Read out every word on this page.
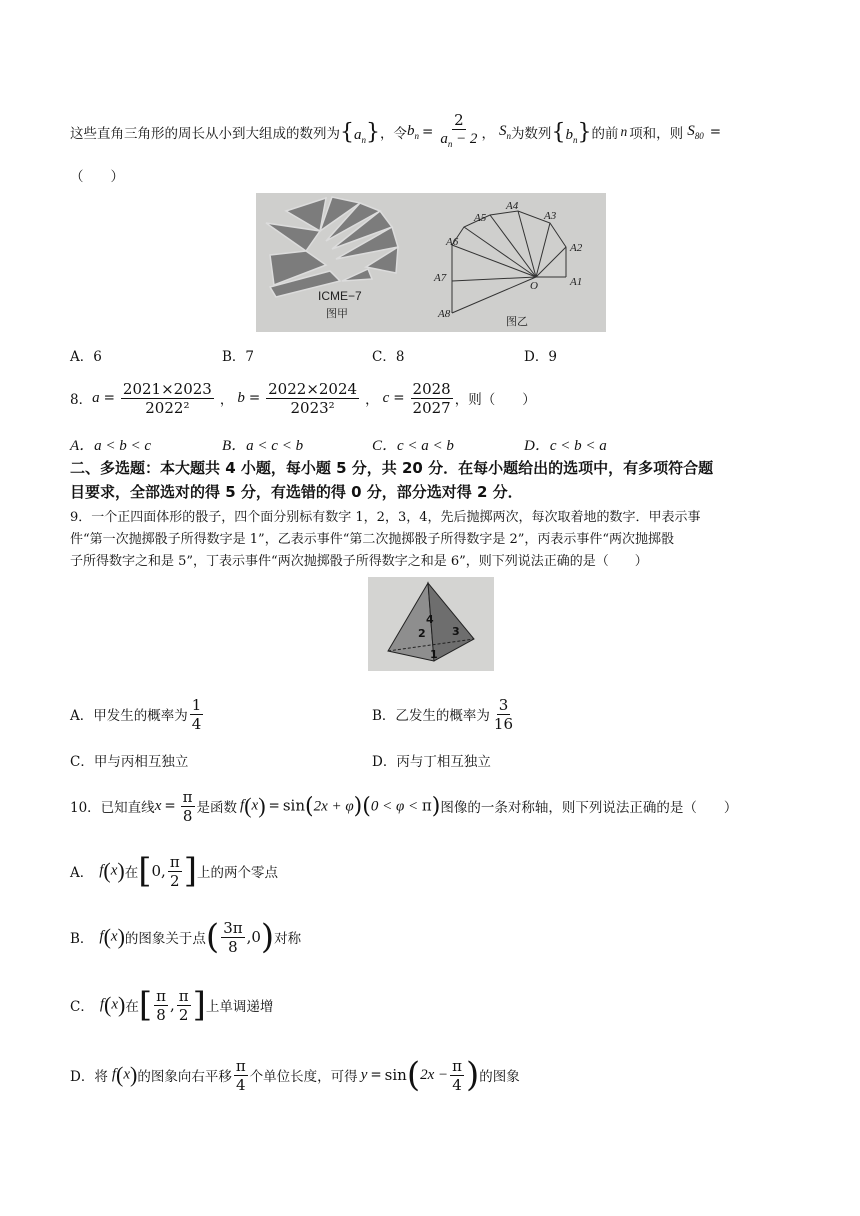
这些直角三角形的周长从小到大组成的数列为 $\{a_n\}$ ，令 $b_n = \frac{2}{a_n - 2}$ ， $S_n$ 为数列 $\{b_n\}$ 的前 n 项和，则 $S_{80}$ =
（　　）
ICME−7
图甲
A1
A2
A3
A4
A5
A6
A7
A8
O
图乙
A．6	B．7	C．8	D．9
8． $a = \frac{2021\times 2023}{\text{2022²}}$ ， $b = \frac{2022\times 2024}{\text{2023²}}$ ， $c = \frac{2028}{2027}$ ，则（　　）
A．a < b < c	B．a < c < b	C．c < a < b	D．c < b < a
二、多选题：本大题共 4 小题，每小题 5 分，共 20 分．在每小题给出的选项中，有多项符合题
目要求，全部选对的得 5 分，有选错的得 0 分，部分选对得 2 分．
9．一个正四面体形的骰子，四个面分别标有数字 1，2，3，4，先后抛掷两次，每次取着地的数字．甲表示事
件“第一次抛掷骰子所得数字是 1”，乙表示事件“第二次抛掷骰子所得数字是 2”，丙表示事件“两次抛掷骰
子所得数字之和是 5”，丁表示事件“两次抛掷骰子所得数字之和是 6”，则下列说法正确的是（　　）
4
2 3
1
A．甲发生的概率为 $\frac{1}{4}$	B．乙发生的概率为 $\frac{3}{16}$
C．甲与丙相互独立	D．丙与丁相互独立
10．已知直线 $x = \frac{\pi}{8}$ 是函数 f(x) = sin(2x + φ)(0 < φ < π) 图像的一条对称轴，则下列说法正确的是（　　）
A． f(x) 在 [ 0, $\frac{\pi}{2}$ ] 上的两个零点
B． f(x) 的图象关于点 ( $\frac{3\pi}{8} ,0$ ) 对称
C． f(x) 在 [ $\frac{\pi}{8}$ , $\frac{\pi}{2}$ ] 上单调递增
D．将 f(x) 的图象向右平移 $\frac{\pi}{4}$ 个单位长度，可得 y = sin ( $2x - \frac{\pi}{4}$ ) 的图象
